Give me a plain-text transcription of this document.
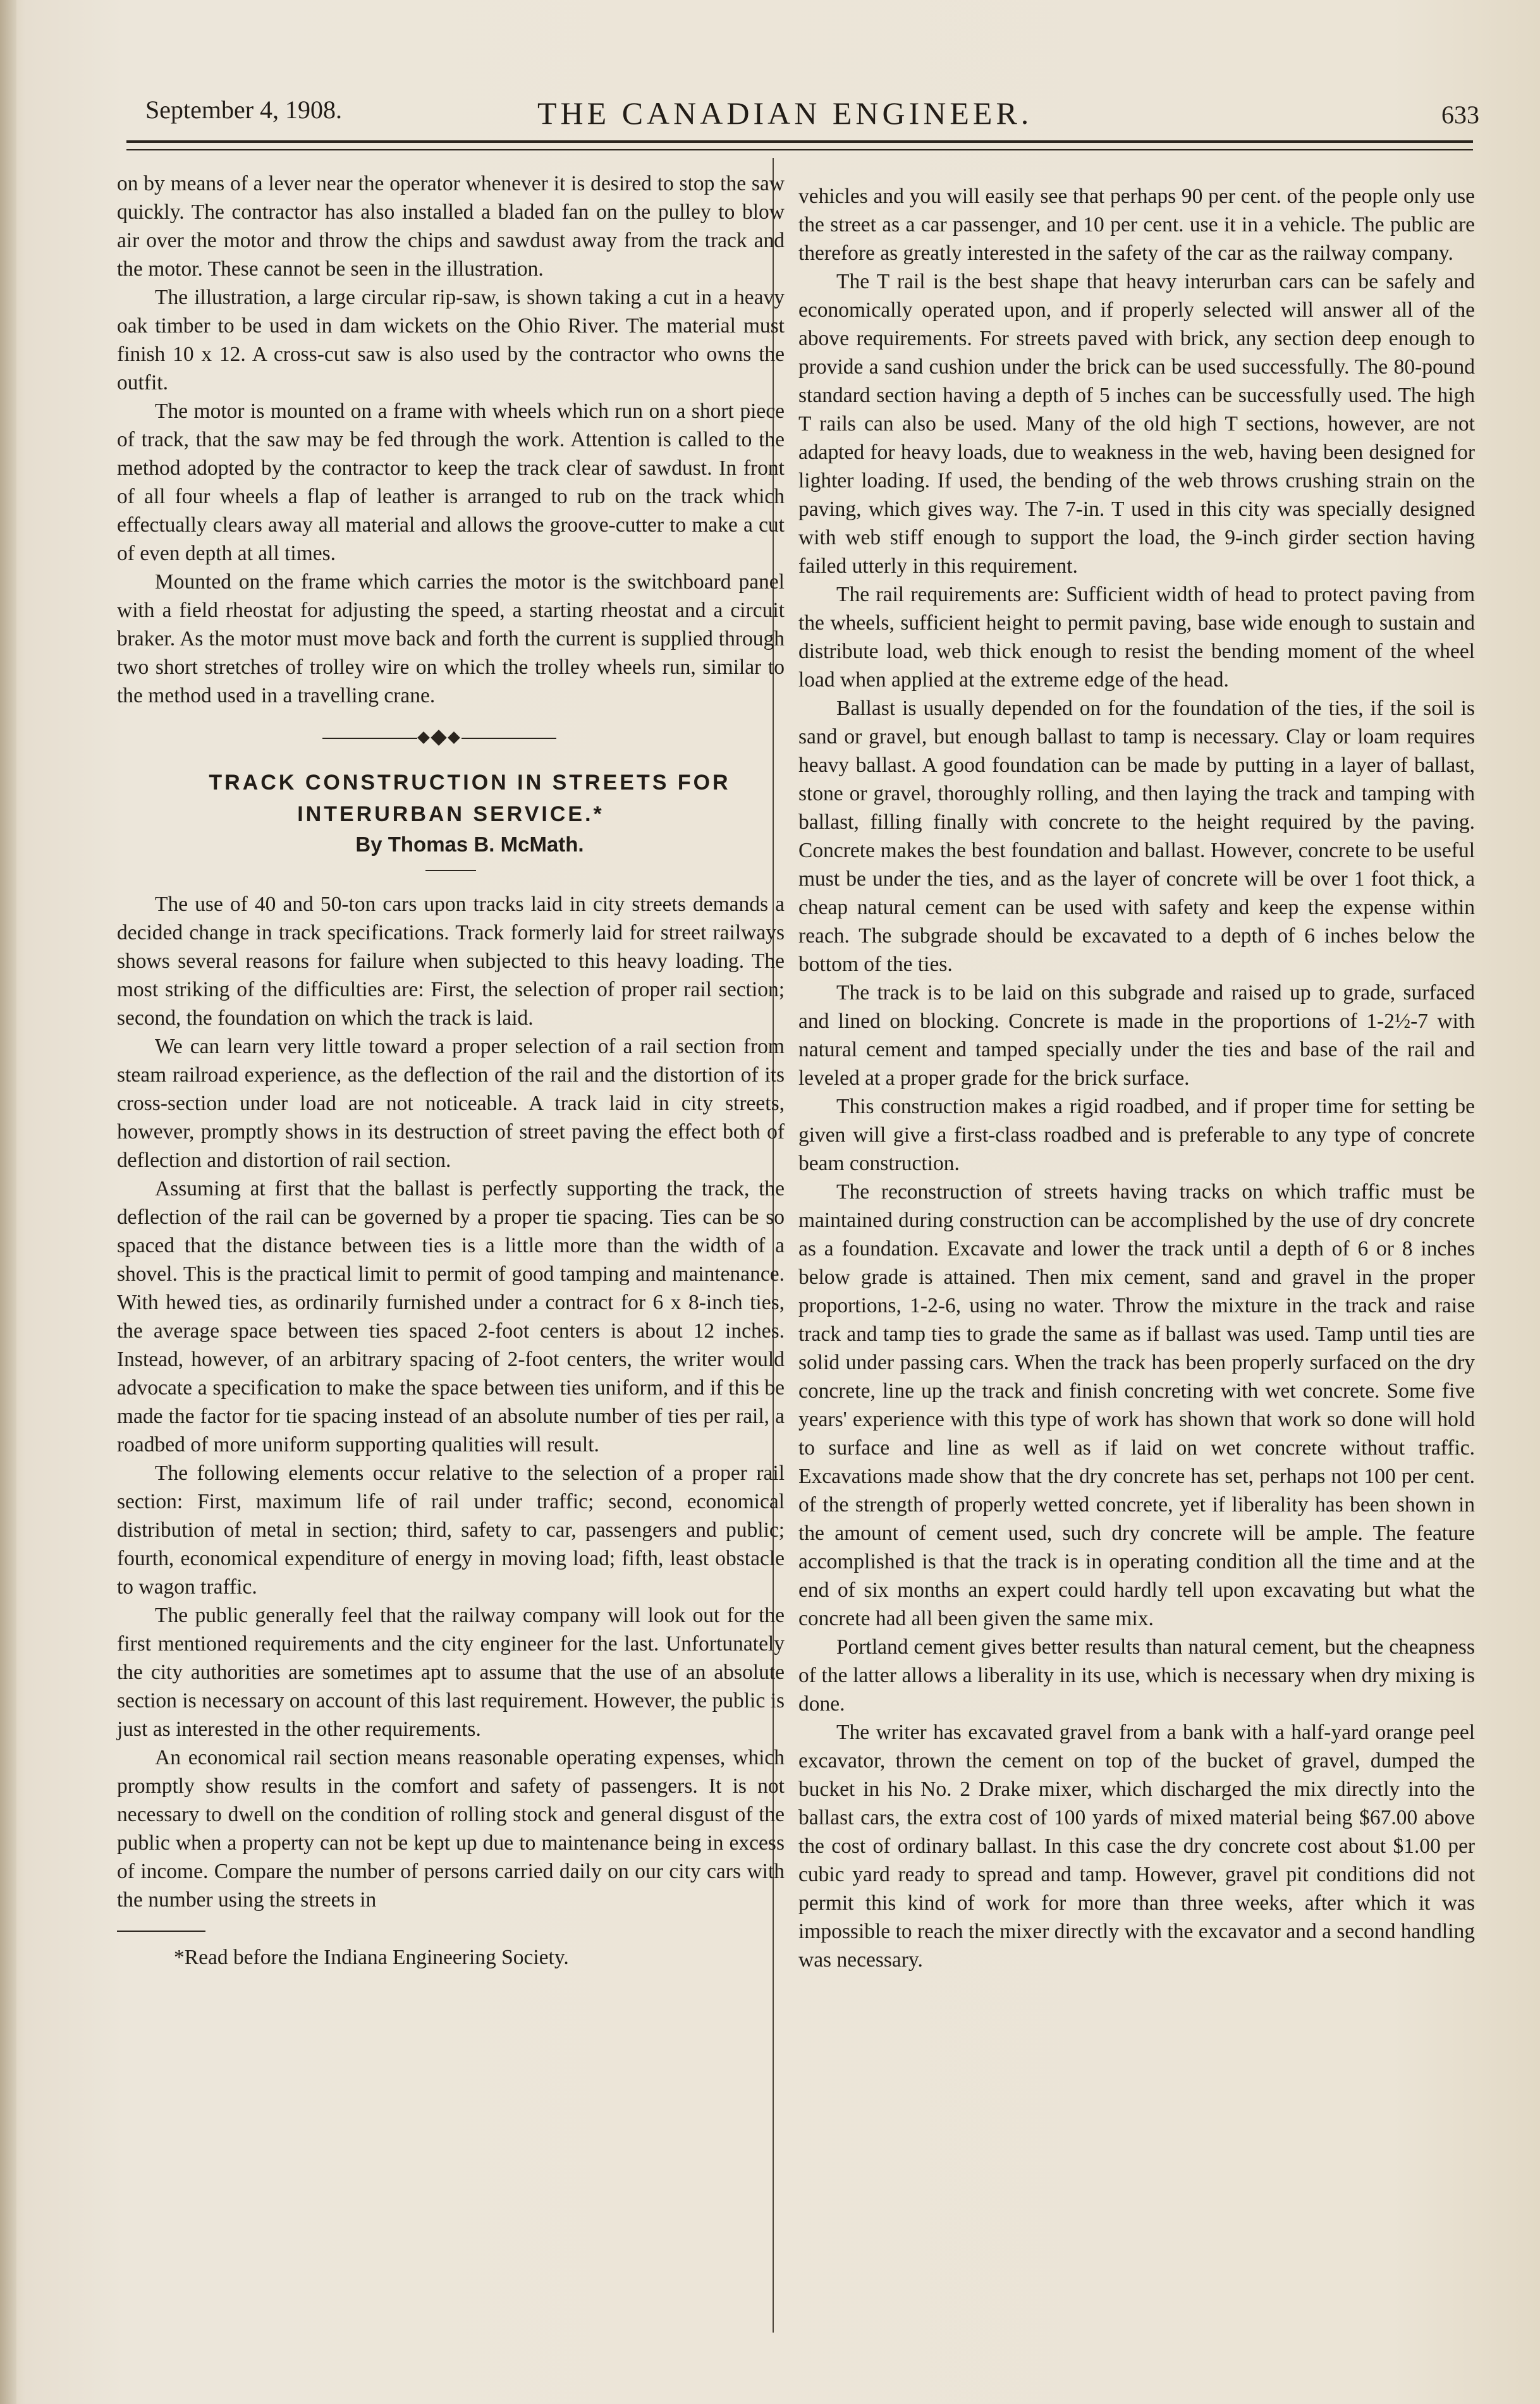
September 4, 1908.	THE CANADIAN ENGINEER.	633

on by means of a lever near the operator whenever it is desired to stop the saw quickly. The contractor has also installed a bladed fan on the pulley to blow air over the motor and throw the chips and sawdust away from the track and the motor. These cannot be seen in the illustration.

The illustration, a large circular rip-saw, is shown taking a cut in a heavy oak timber to be used in dam wickets on the Ohio River. The material must finish 10 x 12. A cross-cut saw is also used by the contractor who owns the outfit.

The motor is mounted on a frame with wheels which run on a short piece of track, that the saw may be fed through the work. Attention is called to the method adopted by the contractor to keep the track clear of sawdust. In front of all four wheels a flap of leather is arranged to rub on the track which effectually clears away all material and allows the groove-cutter to make a cut of even depth at all times.

Mounted on the frame which carries the motor is the switchboard panel with a field rheostat for adjusting the speed, a starting rheostat and a circuit braker. As the motor must move back and forth the current is supplied through two short stretches of trolley wire on which the trolley wheels run, similar to the method used in a travelling crane.

TRACK CONSTRUCTION IN STREETS FOR INTERURBAN SERVICE.*

By Thomas B. McMath.

The use of 40 and 50-ton cars upon tracks laid in city streets demands a decided change in track specifications. Track formerly laid for street railways shows several reasons for failure when subjected to this heavy loading. The most striking of the difficulties are: First, the selection of proper rail section; second, the foundation on which the track is laid.

We can learn very little toward a proper selection of a rail section from steam railroad experience, as the deflection of the rail and the distortion of its cross-section under load are not noticeable. A track laid in city streets, however, promptly shows in its destruction of street paving the effect both of deflection and distortion of rail section.

Assuming at first that the ballast is perfectly supporting the track, the deflection of the rail can be governed by a proper tie spacing. Ties can be so spaced that the distance between ties is a little more than the width of a shovel. This is the practical limit to permit of good tamping and maintenance. With hewed ties, as ordinarily furnished under a contract for 6 x 8-inch ties, the average space between ties spaced 2-foot centers is about 12 inches. Instead, however, of an arbitrary spacing of 2-foot centers, the writer would advocate a specification to make the space between ties uniform, and if this be made the factor for tie spacing instead of an absolute number of ties per rail, a roadbed of more uniform supporting qualities will result.

The following elements occur relative to the selection of a proper rail section: First, maximum life of rail under traffic; second, economical distribution of metal in section; third, safety to car, passengers and public; fourth, economical expenditure of energy in moving load; fifth, least obstacle to wagon traffic.

The public generally feel that the railway company will look out for the first mentioned requirements and the city engineer for the last. Unfortunately the city authorities are sometimes apt to assume that the use of an absolute section is necessary on account of this last requirement. However, the public is just as interested in the other requirements.

An economical rail section means reasonable operating expenses, which promptly show results in the comfort and safety of passengers. It is not necessary to dwell on the condition of rolling stock and general disgust of the public when a property can not be kept up due to maintenance being in excess of income. Compare the number of persons carried daily on our city cars with the number using the streets in

*Read before the Indiana Engineering Society.

vehicles and you will easily see that perhaps 90 per cent. of the people only use the street as a car passenger, and 10 per cent. use it in a vehicle. The public are therefore as greatly interested in the safety of the car as the railway company.

The T rail is the best shape that heavy interurban cars can be safely and economically operated upon, and if properly selected will answer all of the above requirements. For streets paved with brick, any section deep enough to provide a sand cushion under the brick can be used successfully. The 80-pound standard section having a depth of 5 inches can be successfully used. The high T rails can also be used. Many of the old high T sections, however, are not adapted for heavy loads, due to weakness in the web, having been designed for lighter loading. If used, the bending of the web throws crushing strain on the paving, which gives way. The 7-in. T used in this city was specially designed with web stiff enough to support the load, the 9-inch girder section having failed utterly in this requirement.

The rail requirements are: Sufficient width of head to protect paving from the wheels, sufficient height to permit paving, base wide enough to sustain and distribute load, web thick enough to resist the bending moment of the wheel load when applied at the extreme edge of the head.

Ballast is usually depended on for the foundation of the ties, if the soil is sand or gravel, but enough ballast to tamp is necessary. Clay or loam requires heavy ballast. A good foundation can be made by putting in a layer of ballast, stone or gravel, thoroughly rolling, and then laying the track and tamping with ballast, filling finally with concrete to the height required by the paving. Concrete makes the best foundation and ballast. However, concrete to be useful must be under the ties, and as the layer of concrete will be over 1 foot thick, a cheap natural cement can be used with safety and keep the expense within reach. The subgrade should be excavated to a depth of 6 inches below the bottom of the ties.

The track is to be laid on this subgrade and raised up to grade, surfaced and lined on blocking. Concrete is made in the proportions of 1-2½-7 with natural cement and tamped specially under the ties and base of the rail and leveled at a proper grade for the brick surface.

This construction makes a rigid roadbed, and if proper time for setting be given will give a first-class roadbed and is preferable to any type of concrete beam construction.

The reconstruction of streets having tracks on which traffic must be maintained during construction can be accomplished by the use of dry concrete as a foundation. Excavate and lower the track until a depth of 6 or 8 inches below grade is attained. Then mix cement, sand and gravel in the proper proportions, 1-2-6, using no water. Throw the mixture in the track and raise track and tamp ties to grade the same as if ballast was used. Tamp until ties are solid under passing cars. When the track has been properly surfaced on the dry concrete, line up the track and finish concreting with wet concrete. Some five years' experience with this type of work has shown that work so done will hold to surface and line as well as if laid on wet concrete without traffic. Excavations made show that the dry concrete has set, perhaps not 100 per cent. of the strength of properly wetted concrete, yet if liberality has been shown in the amount of cement used, such dry concrete will be ample. The feature accomplished is that the track is in operating condition all the time and at the end of six months an expert could hardly tell upon excavating but what the concrete had all been given the same mix.

Portland cement gives better results than natural cement, but the cheapness of the latter allows a liberality in its use, which is necessary when dry mixing is done.

The writer has excavated gravel from a bank with a half-yard orange peel excavator, thrown the cement on top of the bucket of gravel, dumped the bucket in his No. 2 Drake mixer, which discharged the mix directly into the ballast cars, the extra cost of 100 yards of mixed material being $67.00 above the cost of ordinary ballast. In this case the dry concrete cost about $1.00 per cubic yard ready to spread and tamp. However, gravel pit conditions did not permit this kind of work for more than three weeks, after which it was impossible to reach the mixer directly with the excavator and a second handling was necessary.
